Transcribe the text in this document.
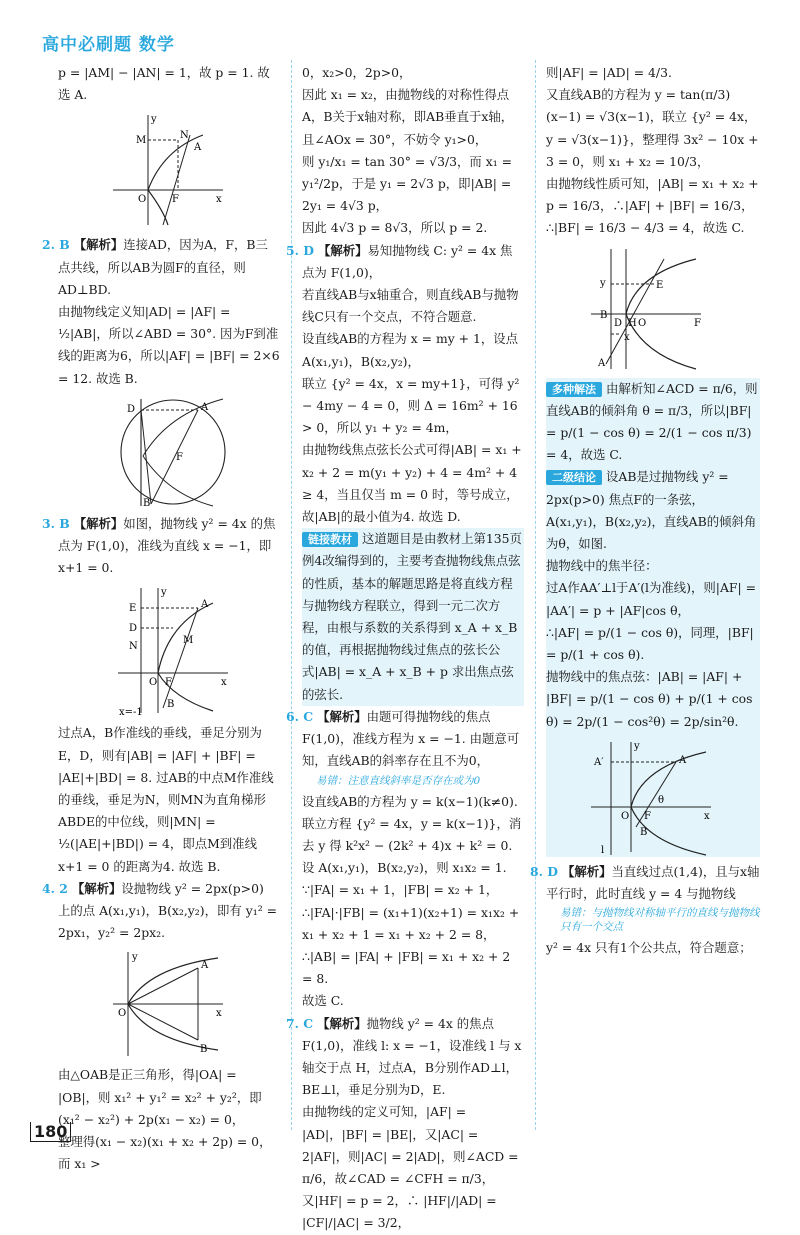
高中必刷题 数学

p = |AM| − |AN| = 1，故 p = 1. 故选 A.

y
M	N
A
O	F	x

2. B 【解析】连接AD，因为A，F，B三点共线，所以AB为圆F的直径，则AD⊥BD.

由抛物线定义知|AD| = |AF| = ½|AB|，所以∠ABD = 30°. 因为F到准线的距离为6，所以|AF| = |BF| = 2×6 = 12. 故选 B.

D	A
F
B

3. B 【解析】如图，抛物线 y² = 4x 的焦点为 F(1,0)，准线为直线 x = −1，即 x+1 = 0.

y
E
D
A
N
M
O F	x
B
x=-1

过点A，B作准线的垂线，垂足分别为E，D，则有|AB| = |AF| + |BF| = |AE|+|BD| = 8. 过AB的中点M作准线的垂线，垂足为N，则MN为直角梯形ABDE的中位线，则|MN| = ½(|AE|+|BD|) = 4，即点M到准线 x+1 = 0 的距离为4. 故选 B.

4. 2 【解析】设抛物线 y² = 2px(p>0) 上的点 A(x₁,y₁)，B(x₂,y₂)，即有 y₁² = 2px₁，y₂² = 2px₂.

y
A
O	x
B

由△OAB是正三角形，得|OA| = |OB|，则 x₁² + y₁² = x₂² + y₂²，即(x₁² − x₂²) + 2p(x₁ − x₂) = 0，

整理得(x₁ − x₂)(x₁ + x₂ + 2p) = 0，而 x₁ >

0，x₂>0，2p>0，

因此 x₁ = x₂，由抛物线的对称性得点A，B关于x轴对称，即AB垂直于x轴，且∠AOx = 30°，不妨令 y₁>0，

则 y₁/x₁ = tan 30° = √3/3，而 x₁ = y₁²/2p，于是 y₁ = 2√3 p，即|AB| = 2y₁ = 4√3 p，

因此 4√3 p = 8√3，所以 p = 2.

5. D 【解析】易知抛物线 C: y² = 4x 焦点为 F(1,0)，

若直线AB与x轴重合，则直线AB与抛物线C只有一个交点，不符合题意.

设直线AB的方程为 x = my + 1，设点 A(x₁,y₁)，B(x₂,y₂)，

联立 {y² = 4x，x = my+1}，可得 y² − 4my − 4 = 0，则 Δ = 16m² + 16 > 0，所以 y₁ + y₂ = 4m，

由抛物线焦点弦长公式可得|AB| = x₁ + x₂ + 2 = m(y₁ + y₂) + 4 = 4m² + 4 ≥ 4，当且仅当 m = 0 时，等号成立，

故|AB|的最小值为4. 故选 D.

链接教材 这道题目是由教材上第135页例4改编得到的，主要考查抛物线焦点弦的性质，基本的解题思路是将直线方程与抛物线方程联立，得到一元二次方程，由根与系数的关系得到 x_A + x_B 的值，再根据抛物线过焦点的弦长公式|AB| = x_A + x_B + p 求出焦点弦的弦长.

6. C 【解析】由题可得抛物线的焦点 F(1,0)，准线方程为 x = −1. 由题意可知，直线AB的斜率存在且不为0，

易错：注意直线斜率是否存在或为0

设直线AB的方程为 y = k(x−1)(k≠0).

联立方程 {y² = 4x，y = k(x−1)}，消去 y 得 k²x² − (2k² + 4)x + k² = 0.

设 A(x₁,y₁)，B(x₂,y₂)，则 x₁x₂ = 1.

∵|FA| = x₁ + 1，|FB| = x₂ + 1，

∴|FA|·|FB| = (x₁+1)(x₂+1) = x₁x₂ + x₁ + x₂ + 1 = x₁ + x₂ + 2 = 8，

∴|AB| = |FA| + |FB| = x₁ + x₂ + 2 = 8.

故选 C.

7. C 【解析】抛物线 y² = 4x 的焦点 F(1,0)，准线 l: x = −1，设准线 l 与 x 轴交于点 H，过点A，B分别作AD⊥l，BE⊥l，垂足分别为D，E.

由抛物线的定义可知，|AF| = |AD|，|BF| = |BE|，又|AC| = 2|AF|，则|AC| = 2|AD|，则∠ACD = π/6，故∠CAD = ∠CFH = π/3，

又|HF| = p = 2，∴ |HF|/|AD| = |CF|/|AC| = 3/2，

则|AF| = |AD| = 4/3.

又直线AB的方程为 y = tan(π/3)(x−1) = √3(x−1)，联立 {y² = 4x，y = √3(x−1)}，整理得 3x² − 10x + 3 = 0，则 x₁ + x₂ = 10/3，

由抛物线性质可知，|AB| = x₁ + x₂ + p = 16/3，∴|AF| + |BF| = 16/3，

∴|BF| = 16/3 − 4/3 = 4，故选 C.

y	E
B
D H O	F
x
A

多种解法 由解析知∠ACD = π/6，则直线AB的倾斜角 θ = π/3，所以|BF| = p/(1 − cos θ) = 2/(1 − cos π/3) = 4，故选 C.

二级结论 设AB是过抛物线 y² = 2px(p>0) 焦点F的一条弦，A(x₁,y₁)，B(x₂,y₂)，直线AB的倾斜角为θ，如图.

抛物线中的焦半径：

过A作AA′⊥l于A′(l为准线)，则|AF| = |AA′| = p + |AF|cos θ，

∴|AF| = p/(1 − cos θ)，同理，|BF| = p/(1 + cos θ).

抛物线中的焦点弦：|AB| = |AF| + |BF| = p/(1 − cos θ) + p/(1 + cos θ) = 2p/(1 − cos²θ) = 2p/sin²θ.

A′
y
A
O F	x
θ
B
l

8. D 【解析】当直线过点(1,4)，且与x轴平行时，此时直线 y = 4 与抛物线

易错：与抛物线对称轴平行的直线与抛物线只有一个交点

y² = 4x 只有1个公共点，符合题意；

180
